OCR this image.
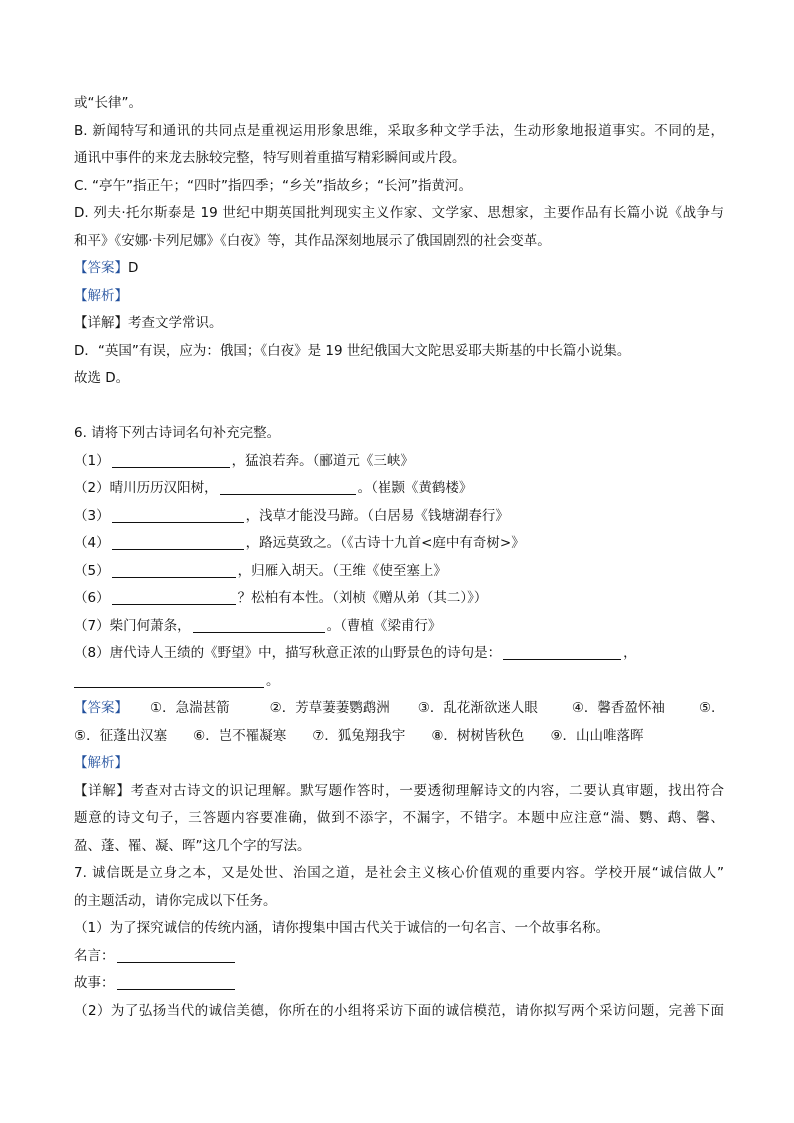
或“长律”。
B. 新闻特写和通讯的共同点是重视运用形象思维，采取多种文学手法，生动形象地报道事实。不同的是，
通讯中事件的来龙去脉较完整，特写则着重描写精彩瞬间或片段。
C. “亭午”指正午；“四时”指四季；“乡关”指故乡；“长河”指黄河。
D. 列夫·托尔斯泰是 19 世纪中期英国批判现实主义作家、文学家、思想家，主要作品有长篇小说《战争与
和平》《安娜·卡列尼娜》《白夜》等，其作品深刻地展示了俄国剧烈的社会变革。
【答案】D
【解析】
【详解】考查文学常识。
D．“英国”有误，应为：俄国；《白夜》是 19 世纪俄国大文陀思妥耶夫斯基的中长篇小说集。
故选 D。
6. 请将下列古诗词名句补充完整。
（1）	，猛浪若奔。（郦道元《三峡》
（2）晴川历历汉阳树，	。（崔颢《黄鹤楼》
（3）	，浅草才能没马蹄。（白居易《钱塘湖春行》
（4）	，路远莫致之。（《古诗十九首<庭中有奇树>》
（5）	，归雁入胡天。（王维《使至塞上》
（6）	？松柏有本性。（刘桢《赠从弟（其二）》）
（7）柴门何萧条，	。（曹植《梁甫行》
（8）唐代诗人王绩的《野望》中，描写秋意正浓的山野景色的诗句是：	，
。
【答案】 ①．急湍甚箭	②．芳草萋萋鹦鹉洲 ③．乱花渐欲迷人眼	④．馨香盈怀袖	⑤.
⑤．征蓬出汉塞 ⑥．岂不罹凝寒 ⑦．狐兔翔我宇 ⑧．树树皆秋色 ⑨．山山唯落晖
【解析】
【详解】考查对古诗文的识记理解。默写题作答时，一要透彻理解诗文的内容，二要认真审题，找出符合
题意的诗文句子，三答题内容要准确，做到不添字，不漏字，不错字。本题中应注意“湍、鹦、鹉、馨、
盈、蓬、罹、凝、晖”这几个字的写法。
7. 诚信既是立身之本，又是处世、治国之道，是社会主义核心价值观的重要内容。学校开展“诚信做人”
的主题活动，请你完成以下任务。
（1）为了探究诚信的传统内涵，请你搜集中国古代关于诚信的一句名言、一个故事名称。
名言：
故事：
（2）为了弘扬当代的诚信美德，你所在的小组将采访下面的诚信模范，请你拟写两个采访问题，完善下面
